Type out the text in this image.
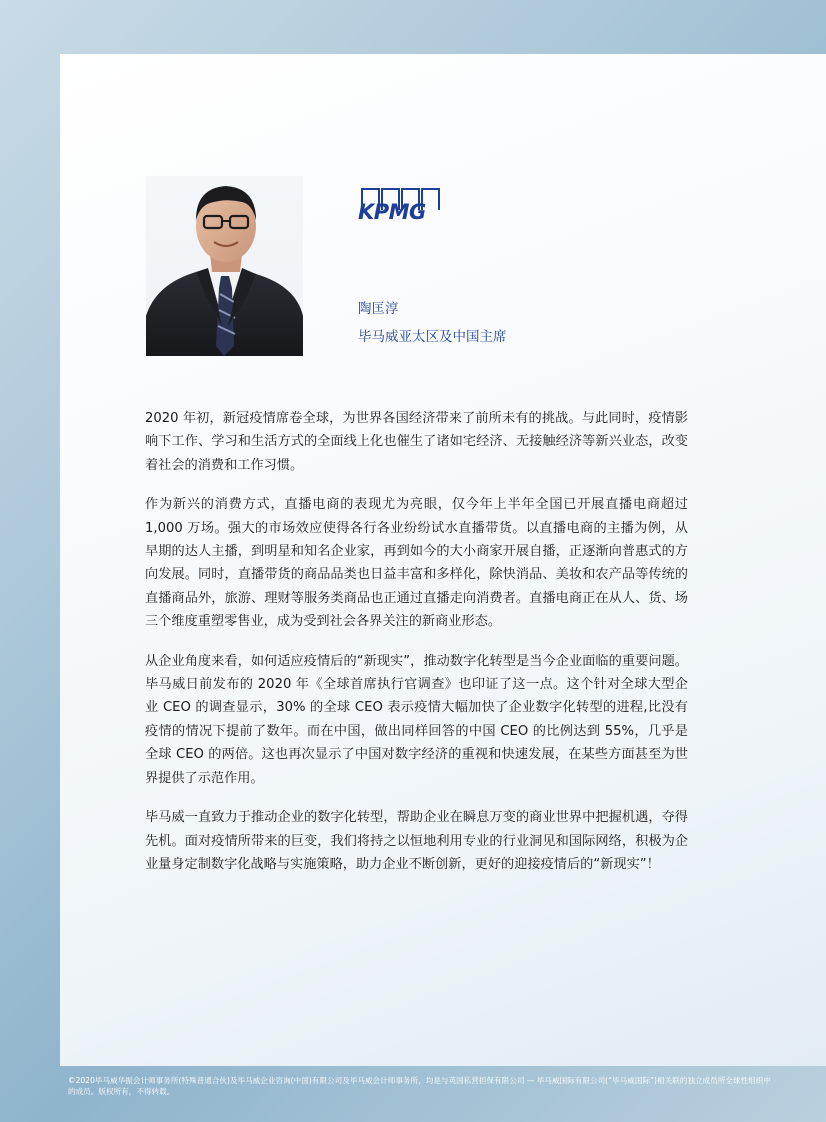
KPMG
陶匡淳
毕马威亚太区及中国主席

2020 年初，新冠疫情席卷全球，为世界各国经济带来了前所未有的挑战。与此同时，疫情影响下工作、学习和生活方式的全面线上化也催生了诸如宅经济、无接触经济等新兴业态，改变着社会的消费和工作习惯。

作为新兴的消费方式，直播电商的表现尤为亮眼，仅今年上半年全国已开展直播电商超过 1,000 万场。强大的市场效应使得各行各业纷纷试水直播带货。以直播电商的主播为例，从早期的达人主播，到明星和知名企业家，再到如今的大小商家开展自播，正逐渐向普惠式的方向发展。同时，直播带货的商品品类也日益丰富和多样化，除快消品、美妆和农产品等传统的直播商品外，旅游、理财等服务类商品也正通过直播走向消费者。直播电商正在从人、货、场三个维度重塑零售业，成为受到社会各界关注的新商业形态。

从企业角度来看，如何适应疫情后的“新现实”，推动数字化转型是当今企业面临的重要问题。毕马威日前发布的 2020 年《全球首席执行官调查》也印证了这一点。这个针对全球大型企业 CEO 的调查显示，30% 的全球 CEO 表示疫情大幅加快了企业数字化转型的进程,比没有疫情的情况下提前了数年。而在中国，做出同样回答的中国 CEO 的比例达到 55%，几乎是全球 CEO 的两倍。这也再次显示了中国对数字经济的重视和快速发展，在某些方面甚至为世界提供了示范作用。

毕马威一直致力于推动企业的数字化转型，帮助企业在瞬息万变的商业世界中把握机遇，夺得先机。面对疫情所带来的巨变，我们将持之以恒地利用专业的行业洞见和国际网络，积极为企业量身定制数字化战略与实施策略，助力企业不断创新，更好的迎接疫情后的“新现实”！

©2020毕马威华振会计师事务所(特殊普通合伙)及毕马威企业咨询(中国)有限公司及毕马威会计师事务所，均是与英国私营担保有限公司 — 毕马威国际有限公司(“毕马威国际”)相关联的独立成员所全球性组织中的成员。版权所有，不得转载。
